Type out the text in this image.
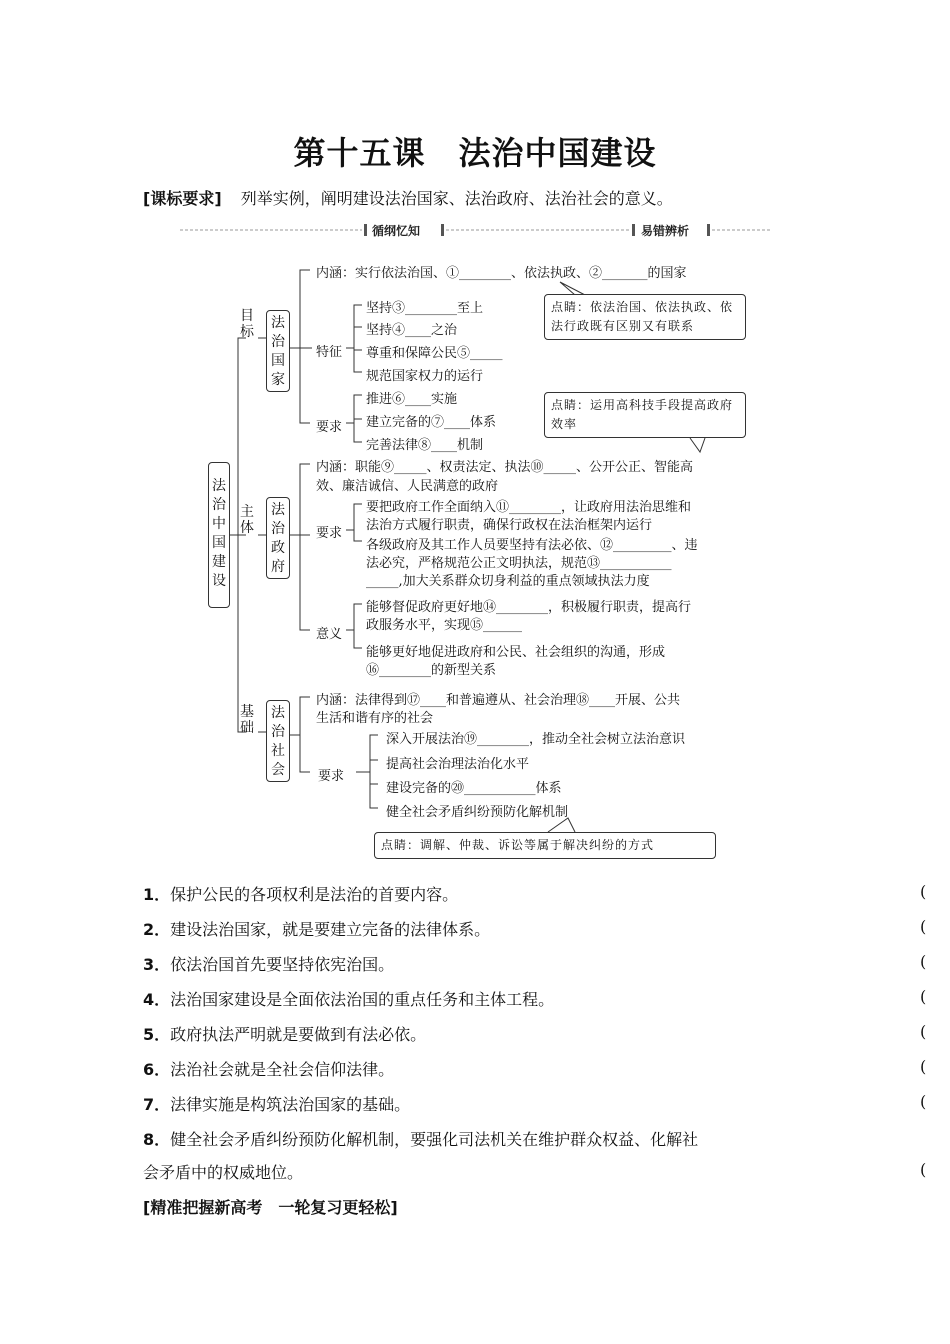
第十五课　法治中国建设
[课标要求] 列举实例，阐明建设法治国家、法治政府、法治社会的意义。
循纲忆知	易错辨析
法治中国建设
目标
主体
基础
法治国家
内涵：实行依法治国、①________、依法执政、②_______的国家
特征
坚持③________至上
坚持④____之治
尊重和保障公民⑤_____
规范国家权力的运行
要求
推进⑥____实施
建立完备的⑦____体系
完善法律⑧____机制
点睛：依法治国、依法执政、依法行政既有区别又有联系
点睛：运用高科技手段提高政府效率
法治政府
内涵：职能⑨_____、权责法定、执法⑩_____、公开公正、智能高
效、廉洁诚信、人民满意的政府
要求
要把政府工作全面纳入⑪________，让政府用法治思维和
法治方式履行职责，确保行政权在法治框架内运行
各级政府及其工作人员要坚持有法必依、⑫_________、违
法必究，严格规范公正文明执法，规范⑬___________
_____,加大关系群众切身利益的重点领域执法力度
意义
能够督促政府更好地⑭________，积极履行职责，提高行
政服务水平，实现⑮______
能够更好地促进政府和公民、社会组织的沟通，形成
⑯________的新型关系
法治社会
内涵：法律得到⑰____和普遍遵从、社会治理⑱____开展、公共
生活和谐有序的社会
要求
深入开展法治⑲________，推动全社会树立法治意识
提高社会治理法治化水平
建设完备的⑳___________体系
健全社会矛盾纠纷预防化解机制
点睛：调解、仲裁、诉讼等属于解决纠纷的方式
1．保护公民的各项权利是法治的首要内容。	(
2．建设法治国家，就是要建立完备的法律体系。	(
3．依法治国首先要坚持依宪治国。	(
4．法治国家建设是全面依法治国的重点任务和主体工程。	(
5．政府执法严明就是要做到有法必依。	(
6．法治社会就是全社会信仰法律。	(
7．法律实施是构筑法治国家的基础。	(
8．健全社会矛盾纠纷预防化解机制，要强化司法机关在维护群众权益、化解社
会矛盾中的权威地位。	(
[精准把握新高考　一轮复习更轻松]
